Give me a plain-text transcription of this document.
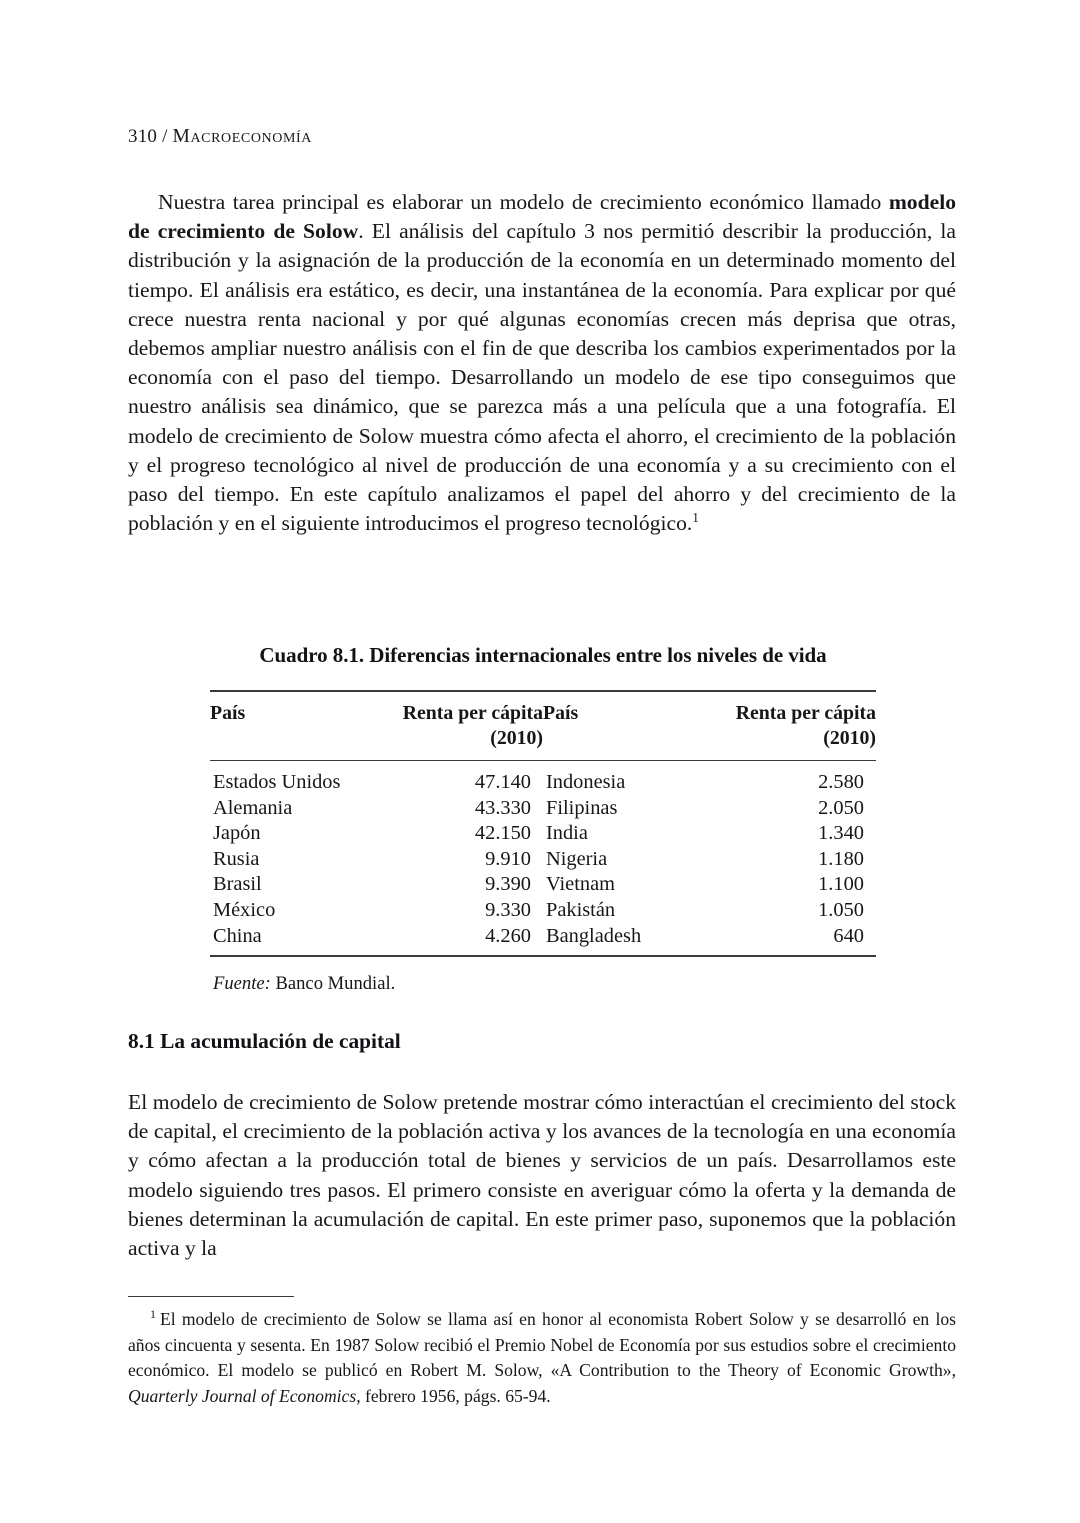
310 / Macroeconomía

Nuestra tarea principal es elaborar un modelo de crecimiento económico llamado modelo de crecimiento de Solow. El análisis del capítulo 3 nos permitió describir la producción, la distribución y la asignación de la producción de la economía en un determinado momento del tiempo. El análisis era estático, es decir, una instantánea de la economía. Para explicar por qué crece nuestra renta nacional y por qué algunas economías crecen más deprisa que otras, debemos ampliar nuestro análisis con el fin de que describa los cambios experimentados por la economía con el paso del tiempo. Desarrollando un modelo de ese tipo conseguimos que nuestro análisis sea dinámico, que se parezca más a una película que a una fotografía. El modelo de crecimiento de Solow muestra cómo afecta el ahorro, el crecimiento de la población y el progreso tecnológico al nivel de producción de una economía y a su crecimiento con el paso del tiempo. En este capítulo analizamos el papel del ahorro y del crecimiento de la población y en el siguiente introducimos el progreso tecnológico.$^1$

Cuadro 8.1. Diferencias internacionales entre los niveles de vida
País	Renta per cápita	País	Renta per cápita
	(2010)		(2010)
Estados Unidos	47.140	Indonesia	2.580
Alemania	43.330	Filipinas	2.050
Japón	42.150	India	1.340
Rusia	9.910	Nigeria	1.180
Brasil	9.390	Vietnam	1.100
México	9.330	Pakistán	1.050
China	4.260	Bangladesh	640
Fuente: Banco Mundial.
8.1 La acumulación de capital

El modelo de crecimiento de Solow pretende mostrar cómo interactúan el crecimiento del stock de capital, el crecimiento de la población activa y los avances de la tecnología en una economía y cómo afectan a la producción total de bienes y servicios de un país. Desarrollamos este modelo siguiendo tres pasos. El primero consiste en averiguar cómo la oferta y la demanda de bienes determinan la acumulación de capital. En este primer paso, suponemos que la población activa y la

$^1$ El modelo de crecimiento de Solow se llama así en honor al economista Robert Solow y se desarrolló en los años cincuenta y sesenta. En 1987 Solow recibió el Premio Nobel de Economía por sus estudios sobre el crecimiento económico. El modelo se publicó en Robert M. Solow, «A Contribution to the Theory of Economic Growth», Quarterly Journal of Economics, febrero 1956, págs. 65-94.
